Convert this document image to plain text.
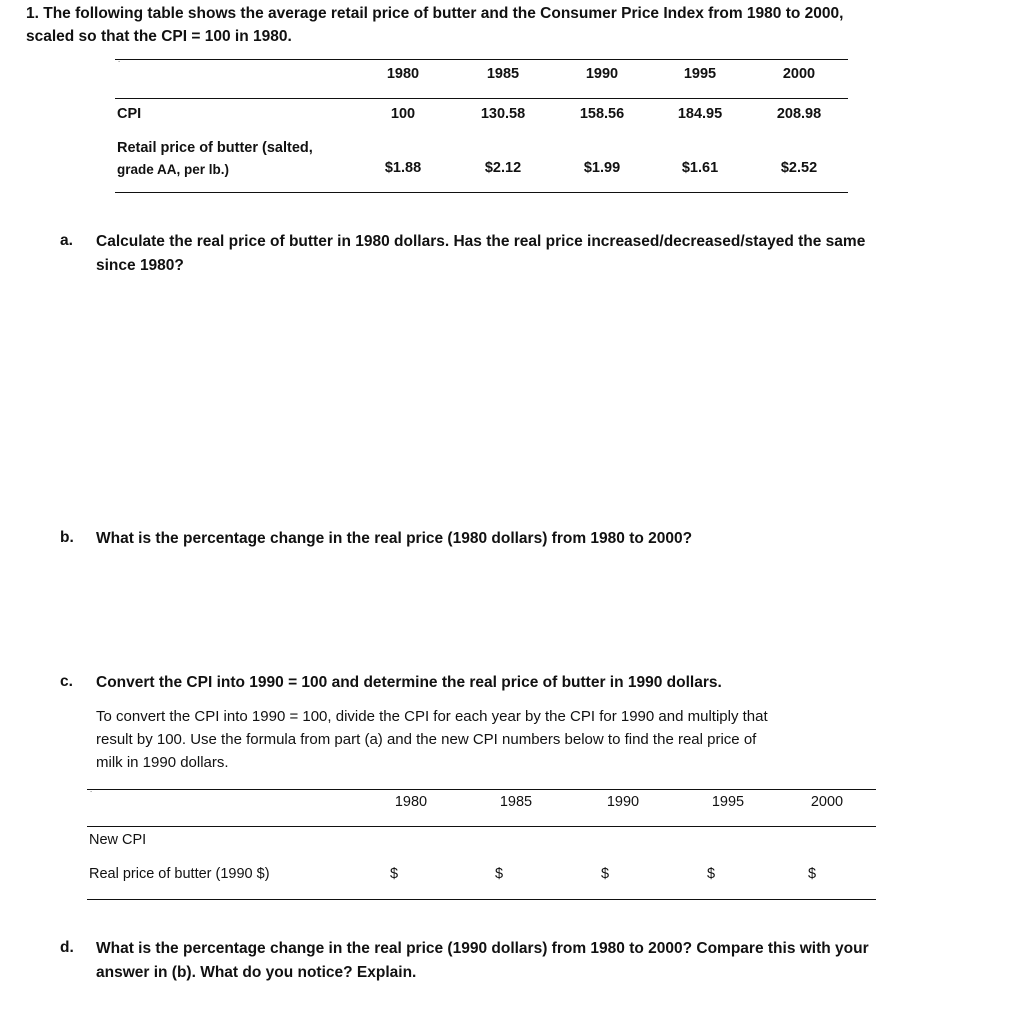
1. The following table shows the average retail price of butter and the Consumer Price Index from 1980 to 2000,
scaled so that the CPI = 100 in 1980.
˙
1980	1985	1990	1995	2000
CPI	100	130.58	158.56	184.95	208.98
Retail price of butter (salted,
grade AA, per lb.)	$1.88	$2.12	$1.99	$1.61	$2.52
a. Calculate the real price of butter in 1980 dollars. Has the real price increased/decreased/stayed the same
since 1980?
b. What is the percentage change in the real price (1980 dollars) from 1980 to 2000?
c. Convert the CPI into 1990 = 100 and determine the real price of butter in 1990 dollars.
To convert the CPI into 1990 = 100, divide the CPI for each year by the CPI for 1990 and multiply that
result by 100. Use the formula from part (a) and the new CPI numbers below to find the real price of
milk in 1990 dollars.
˙	1980	1985	1990	1995	2000
New CPI
Real price of butter (1990 $)	$	$	$	$	$
d. What is the percentage change in the real price (1990 dollars) from 1980 to 2000? Compare this with your
answer in (b). What do you notice? Explain.
